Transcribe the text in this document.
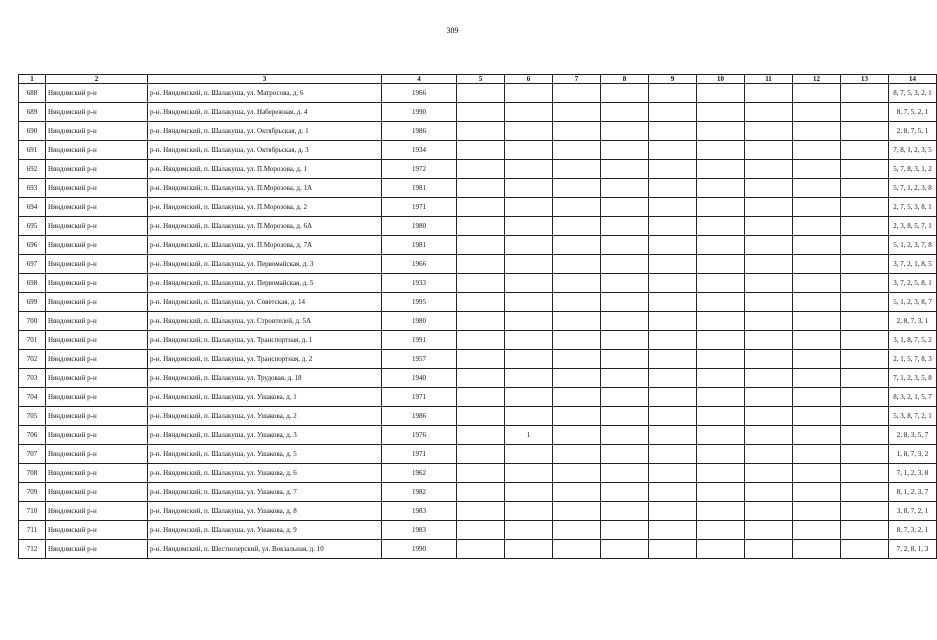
389
1	2	3	4	5	6	7	8	9	10	11	12	13	14
688	Няндомский р-н	р-н. Няндомский, п. Шалакуша, ул. Матросова, д. 6	1966										8, 7, 5, 3, 2, 1
689	Няндомский р-н	р-н. Няндомский, п. Шалакуша, ул. Набережная, д. 4	1990										8, 7, 5, 2, 1
690	Няндомский р-н	р-н. Няндомский, п. Шалакуша, ул. Октябрьская, д. 1	1986										2, 8, 7, 5, 1
691	Няндомский р-н	р-н. Няндомский, п. Шалакуша, ул. Октябрьская, д. 3	1934										7, 8, 1, 2, 3, 5
692	Няндомский р-н	р-н. Няндомский, п. Шалакуша, ул. П.Морозова, д. 1	1972										5, 7, 8, 3, 1, 2
693	Няндомский р-н	р-н. Няндомский, п. Шалакуша, ул. П.Морозова, д. 1А	1981										5, 7, 1, 2, 3, 8
694	Няндомский р-н	р-н. Няндомский, п. Шалакуша, ул. П.Морозова, д. 2	1971										2, 7, 5, 3, 8, 1
695	Няндомский р-н	р-н. Няндомский, п. Шалакуша, ул. П.Морозова, д. 6А	1980										2, 3, 8, 5, 7, 1
696	Няндомский р-н	р-н. Няндомский, п. Шалакуша, ул. П.Морозова, д. 7А	1981										5, 1, 2, 3, 7, 8
697	Няндомский р-н	р-н. Няндомский, п. Шалакуша, ул. Первомайская, д. 3	1966										3, 7, 2, 1, 8, 5
698	Няндомский р-н	р-н. Няндомский, п. Шалакуша, ул. Первомайская, д. 5	1933										3, 7, 2, 5, 8, 1
699	Няндомский р-н	р-н. Няндомский, п. Шалакуша, ул. Советская, д. 14	1995										5, 1, 2, 3, 8, 7
700	Няндомский р-н	р-н. Няндомский, п. Шалакуша, ул. Строителей, д. 5А	1980										2, 8, 7, 3, 1
701	Няндомский р-н	р-н. Няндомский, п. Шалакуша, ул. Транспортная, д. 1	1991										3, 1, 8, 7, 5, 2
702	Няндомский р-н	р-н. Няндомский, п. Шалакуша, ул. Транспортная, д. 2	1957										2, 1, 5, 7, 8, 3
703	Няндомский р-н	р-н. Няндомский, п. Шалакуша, ул. Трудовая, д. 18	1940										7, 1, 2, 3, 5, 8
704	Няндомский р-н	р-н. Няндомский, п. Шалакуша, ул. Ушакова, д. 1	1971										8, 3, 2, 1, 5, 7
705	Няндомский р-н	р-н. Няндомский, п. Шалакуша, ул. Ушакова, д. 2	1986										5, 3, 8, 7, 2, 1
706	Няндомский р-н	р-н. Няндомский, п. Шалакуша, ул. Ушакова, д. 3	1976		1								2, 8, 3, 5, 7
707	Няндомский р-н	р-н. Няндомский, п. Шалакуша, ул. Ушакова, д. 5	1971										1, 8, 7, 3, 2
708	Няндомский р-н	р-н. Няндомский, п. Шалакуша, ул. Ушакова, д. 6	1962										7, 1, 2, 3, 8
709	Няндомский р-н	р-н. Няндомский, п. Шалакуша, ул. Ушакова, д. 7	1982										8, 1, 2, 3, 7
710	Няндомский р-н	р-н. Няндомский, п. Шалакуша, ул. Ушакова, д. 8	1983										3, 8, 7, 2, 1
711	Няндомский р-н	р-н. Няндомский, п. Шалакуша, ул. Ушакова, д. 9	1983										8, 7, 3, 2, 1
712	Няндомский р-н	р-н. Няндомский, п. Шестиозерский, ул. Вокзальная, д. 10	1990										7, 2, 8, 1, 3
